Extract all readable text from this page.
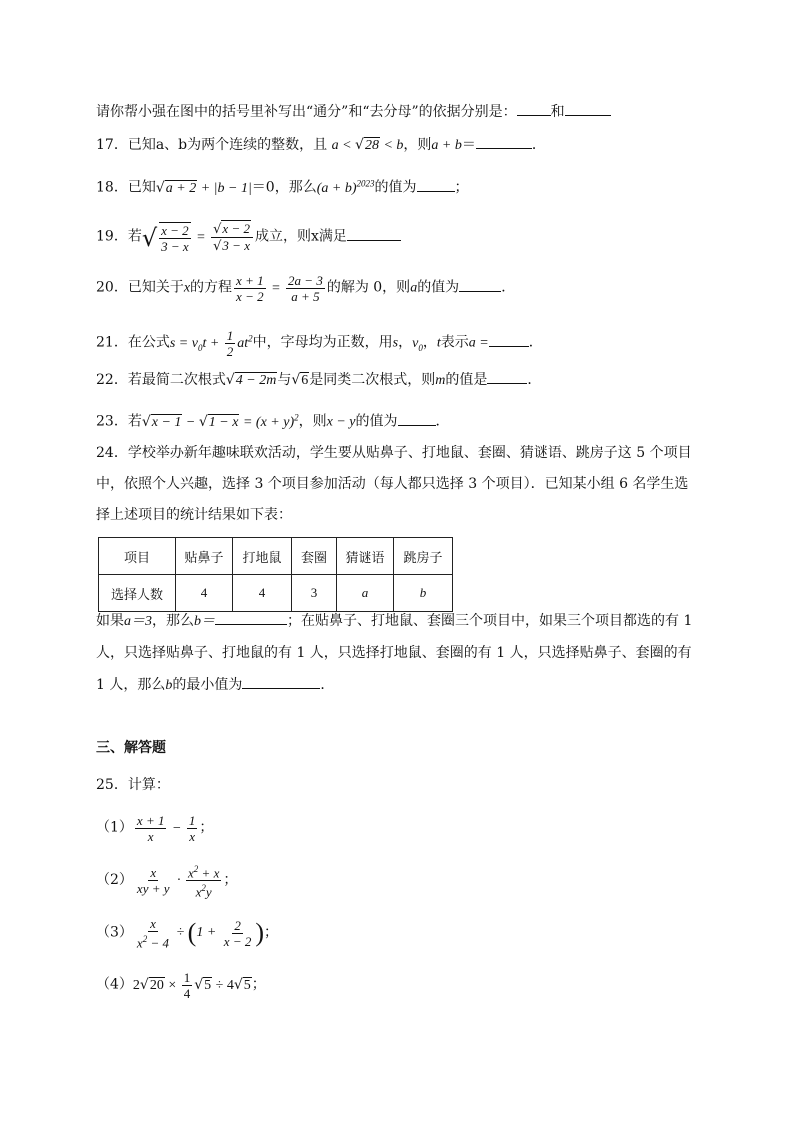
请你帮小强在图中的括号里补写出“通分”和“去分母”的依据分别是： 和
17．已知a、b为两个连续的整数，且 a < √28 < b，则a + b＝	．
18．已知√a + 2 + |b − 1|＝0，那么$(a + b)^{2023}$的值为	；
19．若√ $\frac{x - 2}{3 - x} = \frac{√x - 2}{√3 - x}$ 成立，则x满足
20．已知关于x的方程 $\frac{x + 1}{x - 2} = \frac{2a - 3}{a + 5}$ 的解为 0，则a的值为	．
21．在公式$s = v_0t + \frac{1}{2} at^2$中，字母均为正数，用s，$v_0$，t表示a =	．
22．若最简二次根式√4 − 2m与√6是同类二次根式，则m的值是	．
23．若$√x - 1 - √1 - x = (x + y)^2$，则x − y的值为	．
24．学校举办新年趣味联欢活动，学生要从贴鼻子、打地鼠、套圈、猜谜语、跳房子这 5 个项目
中，依照个人兴趣，选择 3 个项目参加活动（每人都只选择 3 个项目）．已知某小组 6 名学生选
择上述项目的统计结果如下表：
项目	贴鼻子	打地鼠	套圈	猜谜语	跳房子
选择人数	4	4	3	a	b
如果a＝3，那么b＝	；在贴鼻子、打地鼠、套圈三个项目中，如果三个项目都选的有 1
人，只选择贴鼻子、打地鼠的有 1 人，只选择打地鼠、套圈的有 1 人，只选择贴鼻子、套圈的有
1 人，那么b的最小值为	．
三、解答题
25．计算：
$(1) \frac{x + 1}{x} - \frac{1}{x}$ ；
$(2) \frac{x}{xy + y} \cdot \frac{x^2 + x}{x^2y}$ ；
$(3) \frac{x}{x^2 - 4} \div (1 + \frac{2}{x - 2}$ )；
$(4)2√20 \times \frac{1}{4} √5 \div 4√5$；
